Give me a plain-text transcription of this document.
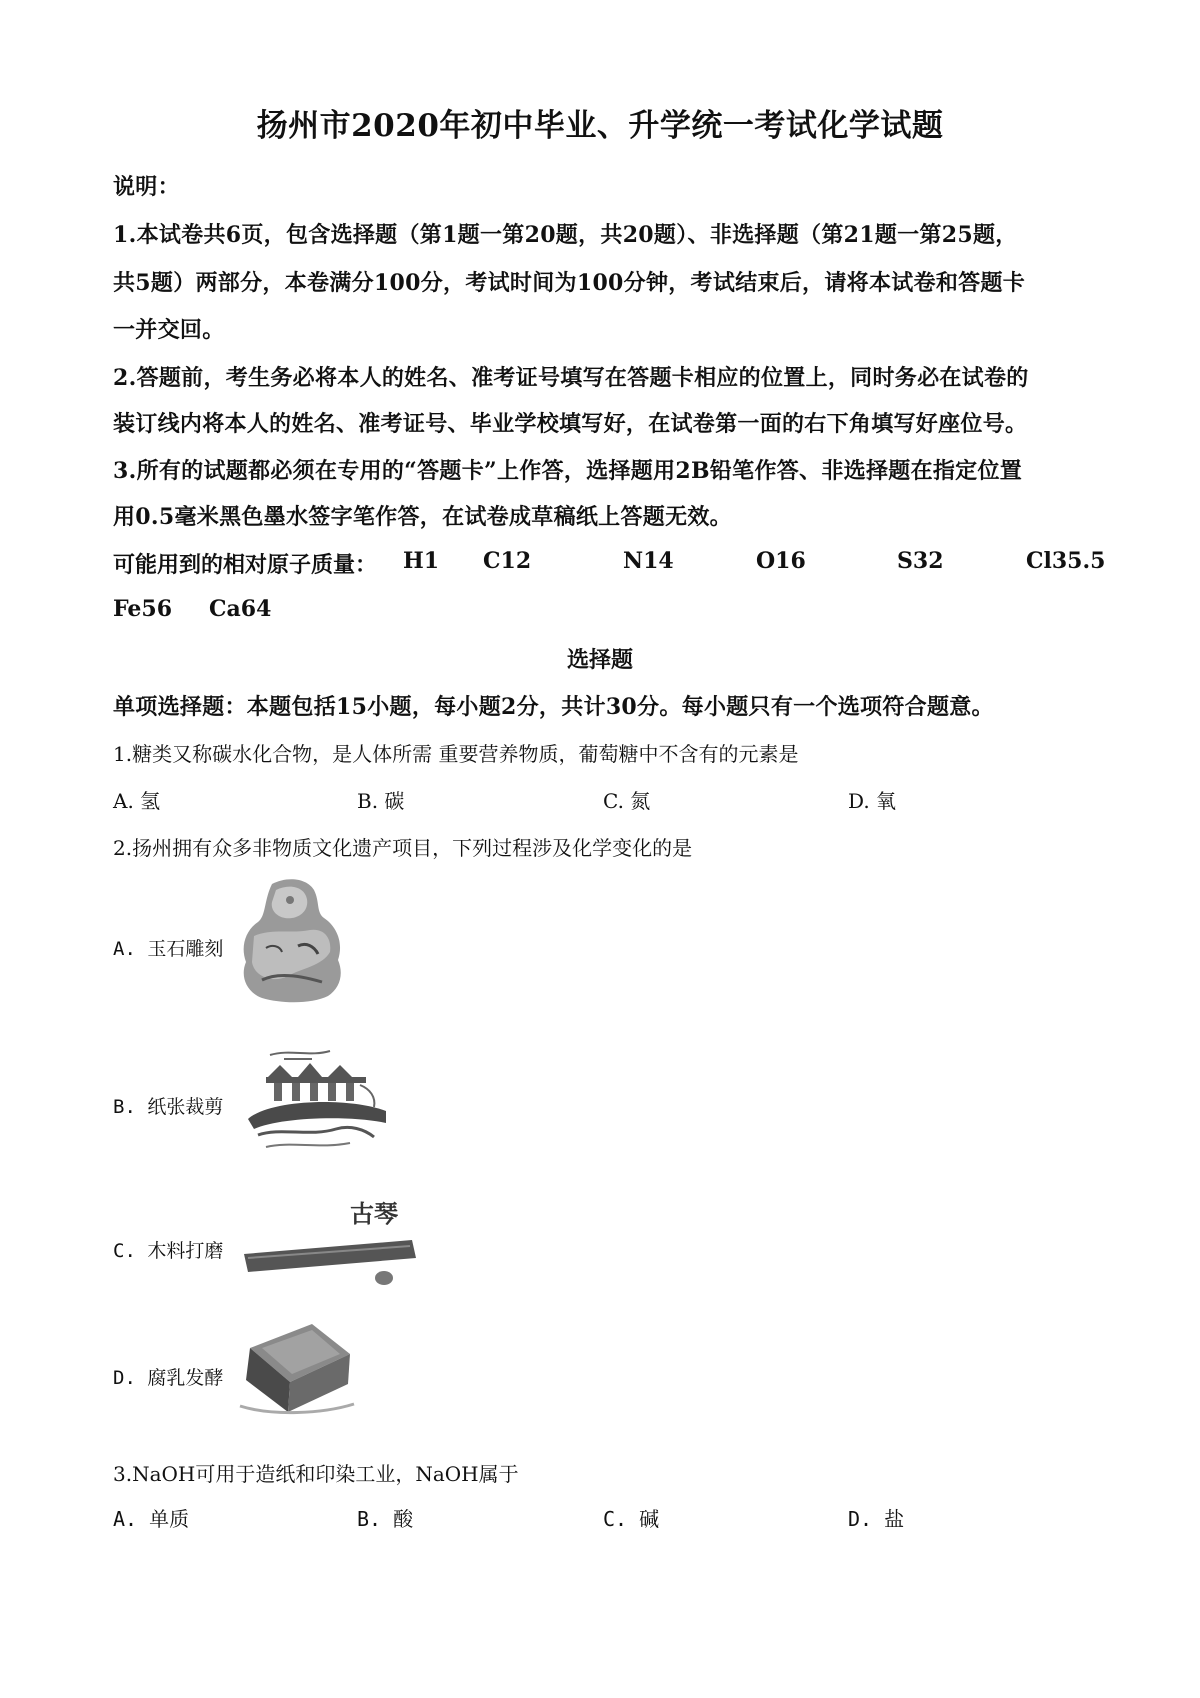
扬州市2020年初中毕业、升学统一考试化学试题
说明：
1.本试卷共6页，包含选择题（第1题一第20题，共20题）、非选择题（第21题一第25题，
共5题）两部分，本卷满分100分，考试时间为100分钟，考试结束后，请将本试卷和答题卡
一并交回。
2.答题前，考生务必将本人的姓名、准考证号填写在答题卡相应的位置上，同时务必在试卷的
装订线内将本人的姓名、准考证号、毕业学校填写好，在试卷第一面的右下角填写好座位号。
3.所有的试题都必须在专用的“答题卡”上作答，选择题用2B铅笔作答、非选择题在指定位置
用0.5毫米黑色墨水签字笔作答，在试卷成草稿纸上答题无效。
可能用到的相对原子质量： H1 C12	N14	O16	S32	Cl35.5
Fe56 Ca64
选择题
单项选择题：本题包括15小题，每小题2分，共计30分。每小题只有一个选项符合题意。
1.糖类又称碳水化合物，是人体所需 重要营养物质，葡萄糖中不含有的元素是
A. 氢	B. 碳	C. 氮	D. 氧
2.扬州拥有众多非物质文化遗产项目，下列过程涉及化学变化的是
A. 玉石雕刻
B. 纸张裁剪
C. 木料打磨
古琴
D. 腐乳发酵
3.NaOH可用于造纸和印染工业，NaOH属于
A. 单质	B. 酸	C. 碱	D. 盐
